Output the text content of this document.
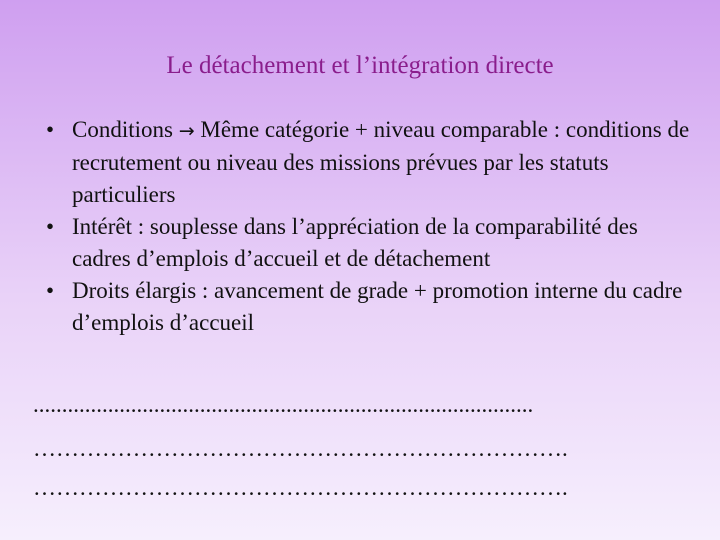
Le détachement et l’intégration directe
• Conditions → Même catégorie + niveau comparable : conditions de recrutement ou niveau des missions prévues par les statuts particuliers
• Intérêt : souplesse dans l’appréciation de la comparabilité des cadres d’emplois d’accueil et de détachement
• Droits élargis : avancement de grade + promotion interne du cadre d’emplois d’accueil
.......................................................................................
…………………………………………………………….
…………………………………………………………….
